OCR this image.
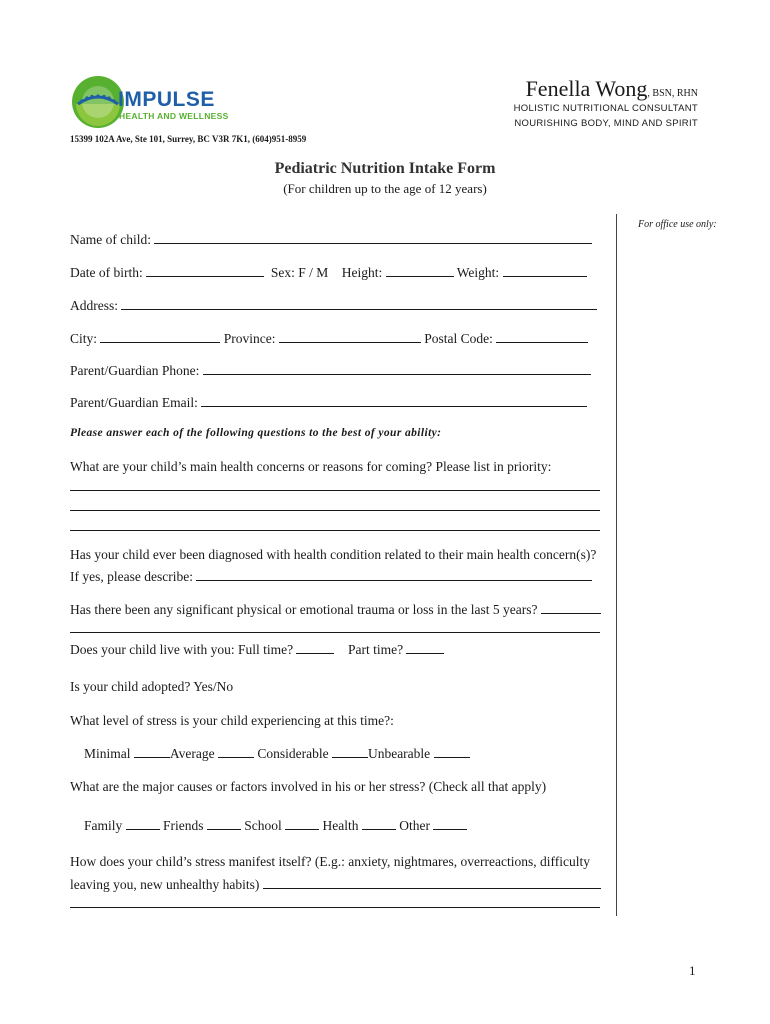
IMPULSE
HEALTH AND WELLNESS
Fenella Wong, BSN, RHN
HOLISTIC NUTRITIONAL CONSULTANT
NOURISHING BODY, MIND AND SPIRIT
15399 102A Ave, Ste 101, Surrey, BC V3R 7K1, (604)951-8959
Pediatric Nutrition Intake Form
(For children up to the age of 12 years)
For office use only:
Name of child:
Date of birth:	Sex: F / M Height:	Weight:
Address:
City:	Province:	Postal Code:
Parent/Guardian Phone:
Parent/Guardian Email:
Please answer each of the following questions to the best of your ability:
What are your child’s main health concerns or reasons for coming? Please list in priority:
Has your child ever been diagnosed with health condition related to their main health concern(s)?
If yes, please describe:
Has there been any significant physical or emotional trauma or loss in the last 5 years?
Does your child live with you: Full time?	Part time?
Is your child adopted? Yes/No
What level of stress is your child experiencing at this time?:
Minimal	Average	Considerable	Unbearable
What are the major causes or factors involved in his or her stress? (Check all that apply)
Family	Friends	School	Health	Other
How does your child’s stress manifest itself? (E.g.: anxiety, nightmares, overreactions, difficulty
leaving you, new unhealthy habits)
1
